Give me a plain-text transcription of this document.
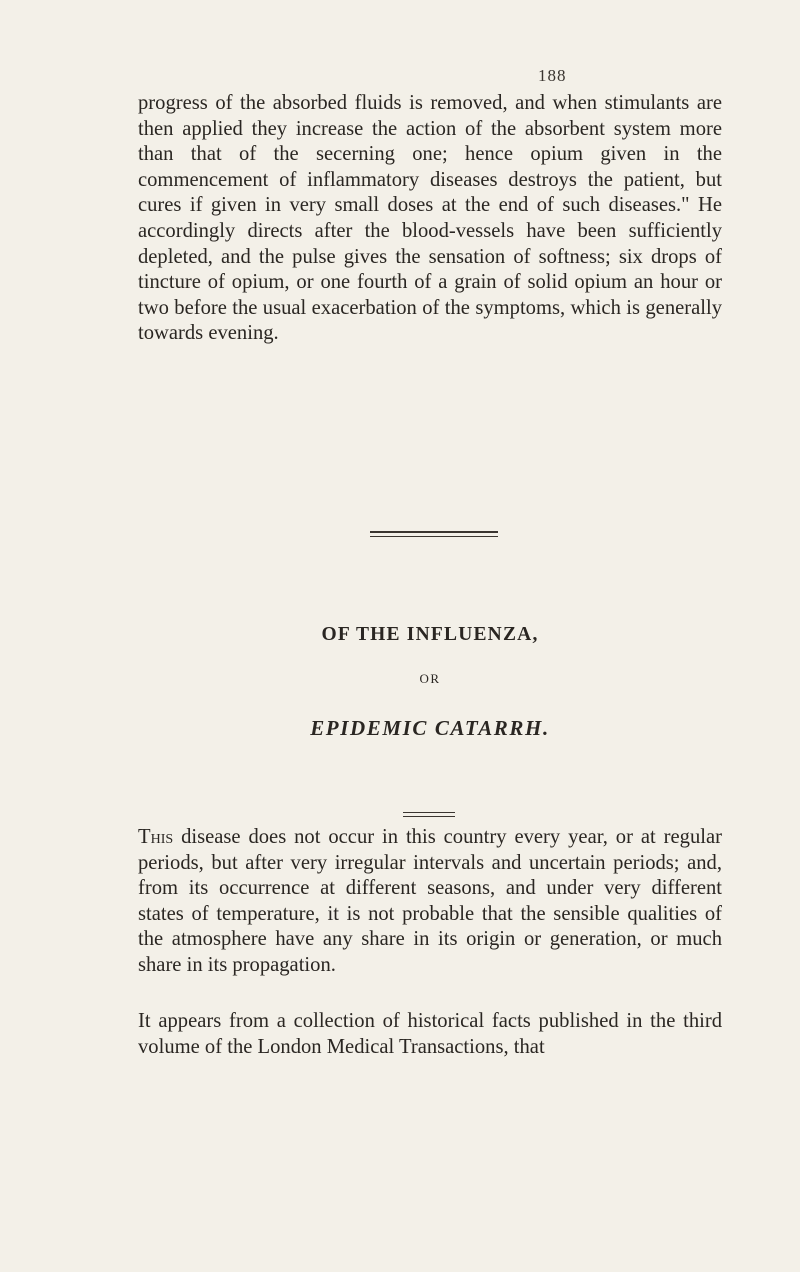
188

progress of the absorbed fluids is removed, and when stimulants are then applied they increase the action of the absorbent system more than that of the secerning one; hence opium given in the commencement of inflammatory diseases destroys the patient, but cures if given in very small doses at the end of such diseases." He accordingly directs after the blood-vessels have been sufficiently depleted, and the pulse gives the sensation of softness; six drops of tincture of opium, or one fourth of a grain of solid opium an hour or two before the usual exacerbation of the symptoms, which is generally towards evening.

OF THE INFLUENZA,
OR
EPIDEMIC CATARRH.

This disease does not occur in this country every year, or at regular periods, but after very irregular intervals and uncertain periods; and, from its occurrence at different seasons, and under very different states of temperature, it is not probable that the sensible qualities of the atmosphere have any share in its origin or generation, or much share in its propagation.

It appears from a collection of historical facts published in the third volume of the London Medical Transactions, that
